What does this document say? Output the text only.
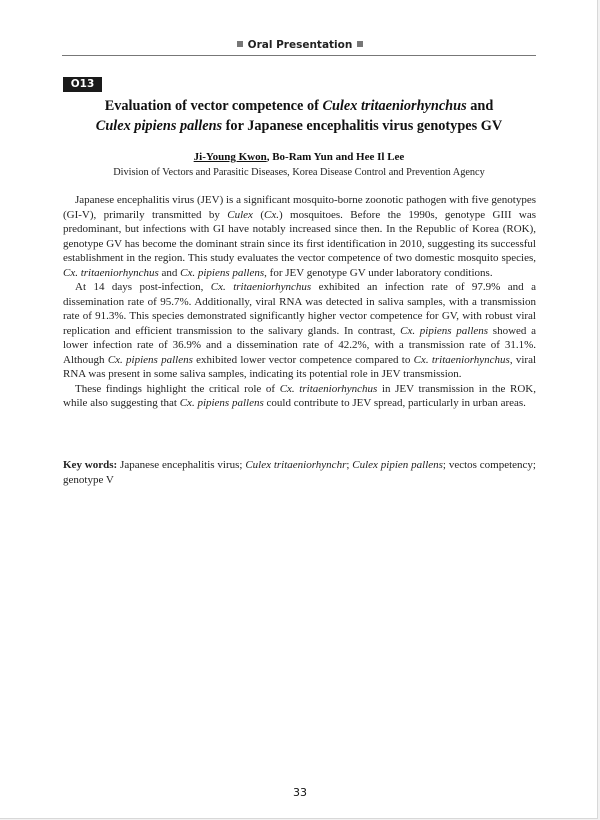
Oral Presentation
O13
Evaluation of vector competence of Culex tritaeniorhynchus and
Culex pipiens pallens for Japanese encephalitis virus genotypes GV
Ji-Young Kwon, Bo-Ram Yun and Hee Il Lee
Division of Vectors and Parasitic Diseases, Korea Disease Control and Prevention Agency

Japanese encephalitis virus (JEV) is a significant mosquito-borne zoonotic pathogen with five genotypes (GI-V), primarily transmitted by Culex (Cx.) mosquitoes. Before the 1990s, genotype GIII was predominant, but infections with GI have notably increased since then. In the Republic of Korea (ROK), genotype GV has become the dominant strain since its first identification in 2010, suggesting its successful establishment in the region. This study evaluates the vector competence of two domestic mosquito species, Cx. tritaeniorhynchus and Cx. pipiens pallens, for JEV genotype GV under laboratory conditions.

At 14 days post-infection, Cx. tritaeniorhynchus exhibited an infection rate of 97.9% and a dissemination rate of 95.7%. Additionally, viral RNA was detected in saliva samples, with a transmission rate of 91.3%. This species demonstrated significantly higher vector competence for GV, with robust viral replication and efficient transmission to the salivary glands. In contrast, Cx. pipiens pallens showed a lower infection rate of 36.9% and a dissemination rate of 42.2%, with a transmission rate of 31.1%. Although Cx. pipiens pallens exhibited lower vector competence compared to Cx. tritaeniorhynchus, viral RNA was present in some saliva samples, indicating its potential role in JEV transmission.

These findings highlight the critical role of Cx. tritaeniorhynchus in JEV transmission in the ROK, while also suggesting that Cx. pipiens pallens could contribute to JEV spread, particularly in urban areas.

Key words: Japanese encephalitis virus; Culex tritaeniorhynchr; Culex pipien pallens; vectos competency; genotype V
33
